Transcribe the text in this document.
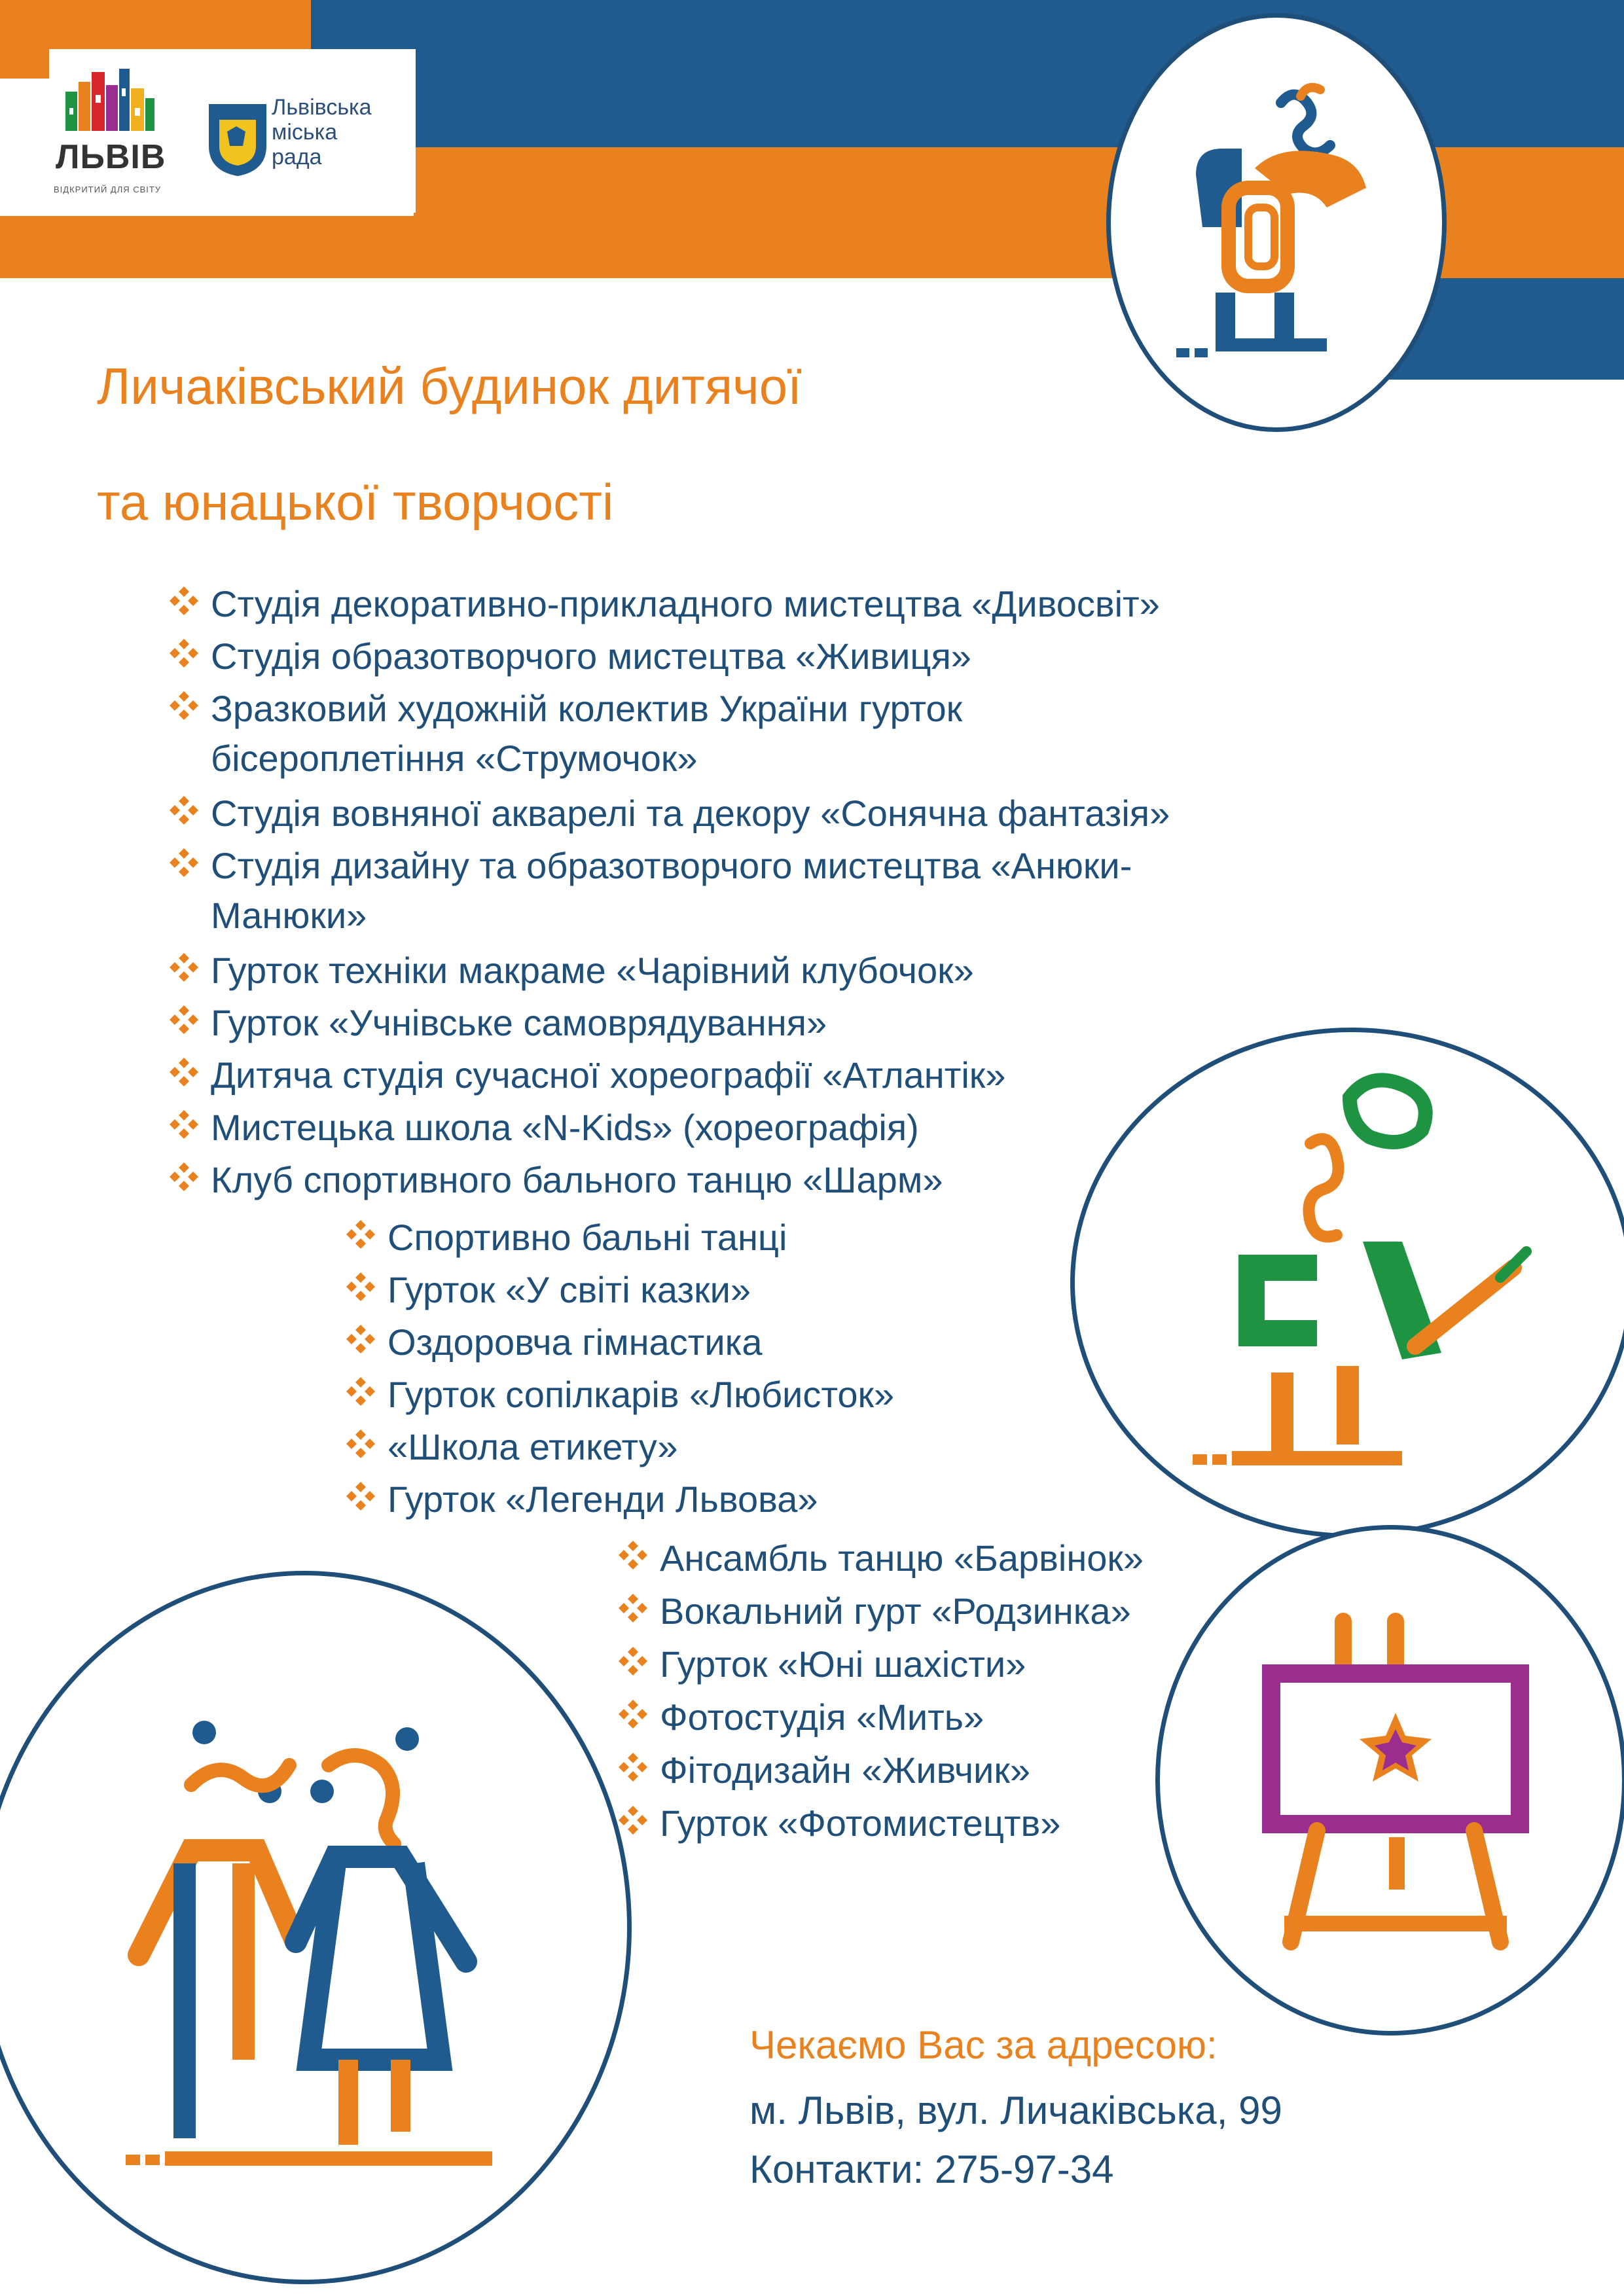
ЛЬВІВ
ВІДКРИТИЙ ДЛЯ СВІТУ
Львівська
міська
рада
Личаківський будинок дитячої
та юнацької творчості
Студія декоративно-прикладного мистецтва «Дивосвіт»
Студія образотворчого мистецтва «Живиця»
Зразковий художній колектив України гурток
бісероплетіння «Струмочок»
Студія вовняної акварелі та декору «Сонячна фантазія»
Студія дизайну та образотворчого мистецтва «Анюки-
Манюки»
Гурток техніки макраме «Чарівний клубочок»
Гурток «Учнівське самоврядування»
Дитяча студія сучасної хореографії «Атлантік»
Мистецька школа «N-Kids» (хореографія)
Клуб спортивного бального танцю «Шарм»
Спортивно бальні танці
Гурток «У світі казки»
Оздоровча гімнастика
Гурток сопілкарів «Любисток»
«Школа етикету»
Гурток «Легенди Львова»
Ансамбль танцю «Барвінок»
Вокальний гурт «Родзинка»
Гурток «Юні шахісти»
Фотостудія «Мить»
Фітодизайн «Живчик»
Гурток «Фотомистецтв»
Чекаємо Вас за адресою:
м. Львів, вул. Личаківська, 99
Контакти: 275-97-34
